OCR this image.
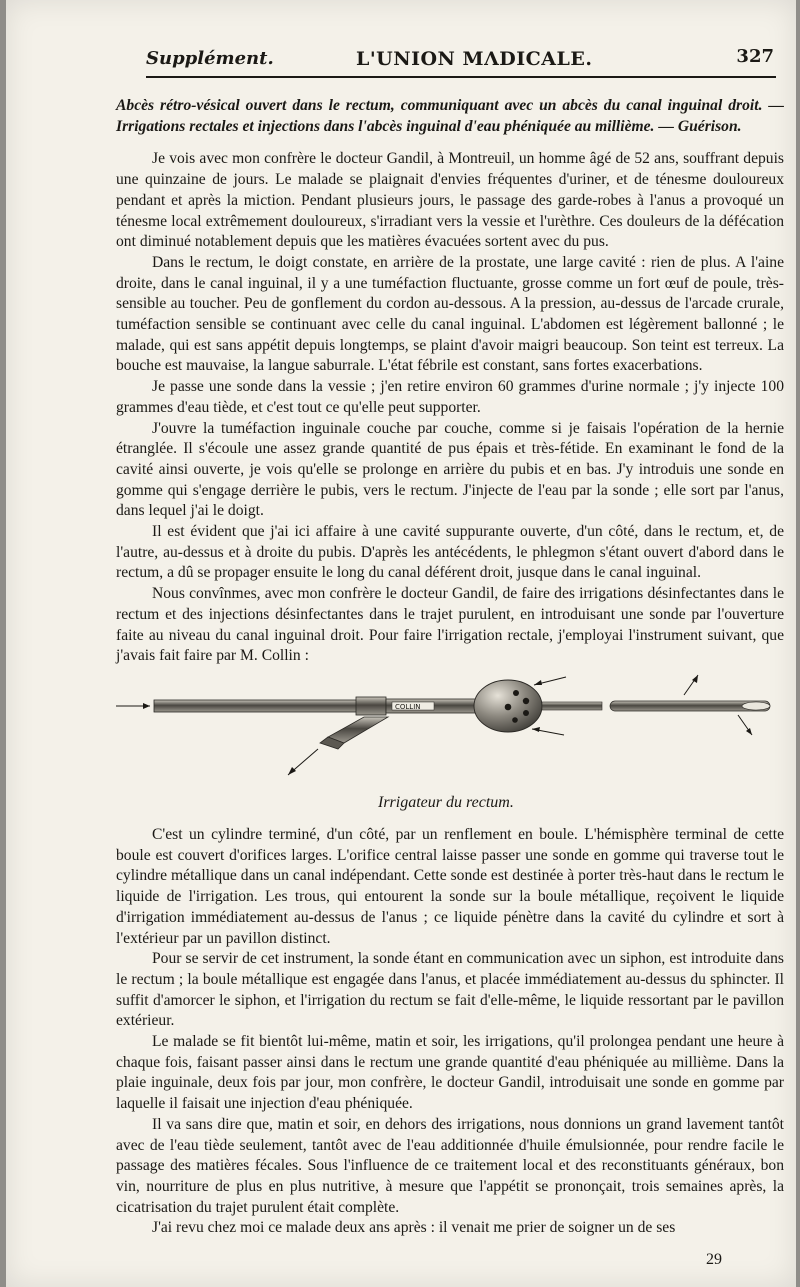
Supplément.	L'UNION MɅDICALE.	327

Abcès rétro-vésical ouvert dans le rectum, communiquant avec un abcès du canal inguinal droit. — Irrigations rectales et injections dans l'abcès inguinal d'eau phéniquée au millième. — Guérison.

Je vois avec mon confrère le docteur Gandil, à Montreuil, un homme âgé de 52 ans, souffrant depuis une quinzaine de jours. Le malade se plaignait d'envies fréquentes d'uriner, et de ténesme douloureux pendant et après la miction. Pendant plusieurs jours, le passage des garde-robes à l'anus a provoqué un ténesme local extrêmement douloureux, s'irradiant vers la vessie et l'urèthre. Ces douleurs de la défécation ont diminué notablement depuis que les matières évacuées sortent avec du pus.

Dans le rectum, le doigt constate, en arrière de la prostate, une large cavité : rien de plus. A l'aine droite, dans le canal inguinal, il y a une tuméfaction fluctuante, grosse comme un fort œuf de poule, très-sensible au toucher. Peu de gonflement du cordon au-dessous. A la pression, au-dessus de l'arcade crurale, tuméfaction sensible se continuant avec celle du canal inguinal. L'abdomen est légèrement ballonné ; le malade, qui est sans appétit depuis longtemps, se plaint d'avoir maigri beaucoup. Son teint est terreux. La bouche est mauvaise, la langue saburrale. L'état fébrile est constant, sans fortes exacerbations.

Je passe une sonde dans la vessie ; j'en retire environ 60 grammes d'urine normale ; j'y injecte 100 grammes d'eau tiède, et c'est tout ce qu'elle peut supporter.

J'ouvre la tuméfaction inguinale couche par couche, comme si je faisais l'opération de la hernie étranglée. Il s'écoule une assez grande quantité de pus épais et très-fétide. En examinant le fond de la cavité ainsi ouverte, je vois qu'elle se prolonge en arrière du pubis et en bas. J'y introduis une sonde en gomme qui s'engage derrière le pubis, vers le rectum. J'injecte de l'eau par la sonde ; elle sort par l'anus, dans lequel j'ai le doigt.

Il est évident que j'ai ici affaire à une cavité suppurante ouverte, d'un côté, dans le rectum, et, de l'autre, au-dessus et à droite du pubis. D'après les antécédents, le phlegmon s'étant ouvert d'abord dans le rectum, a dû se propager ensuite le long du canal déférent droit, jusque dans le canal inguinal.

Nous convînmes, avec mon confrère le docteur Gandil, de faire des irrigations désinfectantes dans le rectum et des injections désinfectantes dans le trajet purulent, en introduisant une sonde par l'ouverture faite au niveau du canal inguinal droit. Pour faire l'irrigation rectale, j'employai l'instrument suivant, que j'avais fait faire par M. Collin :

COLLIN
Irrigateur du rectum.

C'est un cylindre terminé, d'un côté, par un renflement en boule. L'hémisphère terminal de cette boule est couvert d'orifices larges. L'orifice central laisse passer une sonde en gomme qui traverse tout le cylindre métallique dans un canal indépendant. Cette sonde est destinée à porter très-haut dans le rectum le liquide de l'irrigation. Les trous, qui entourent la sonde sur la boule métallique, reçoivent le liquide d'irrigation immédiatement au-dessus de l'anus ; ce liquide pénètre dans la cavité du cylindre et sort à l'extérieur par un pavillon distinct.

Pour se servir de cet instrument, la sonde étant en communication avec un siphon, est introduite dans le rectum ; la boule métallique est engagée dans l'anus, et placée immédiatement au-dessus du sphincter. Il suffit d'amorcer le siphon, et l'irrigation du rectum se fait d'elle-même, le liquide ressortant par le pavillon extérieur.

Le malade se fit bientôt lui-même, matin et soir, les irrigations, qu'il prolongea pendant une heure à chaque fois, faisant passer ainsi dans le rectum une grande quantité d'eau phéniquée au millième. Dans la plaie inguinale, deux fois par jour, mon confrère, le docteur Gandil, introduisait une sonde en gomme par laquelle il faisait une injection d'eau phéniquée.

Il va sans dire que, matin et soir, en dehors des irrigations, nous donnions un grand lavement tantôt avec de l'eau tiède seulement, tantôt avec de l'eau additionnée d'huile émulsionnée, pour rendre facile le passage des matières fécales. Sous l'influence de ce traitement local et des reconstituants généraux, bon vin, nourriture de plus en plus nutritive, à mesure que l'appétit se prononçait, trois semaines après, la cicatrisation du trajet purulent était complète.

J'ai revu chez moi ce malade deux ans après : il venait me prier de soigner un de ses

29
